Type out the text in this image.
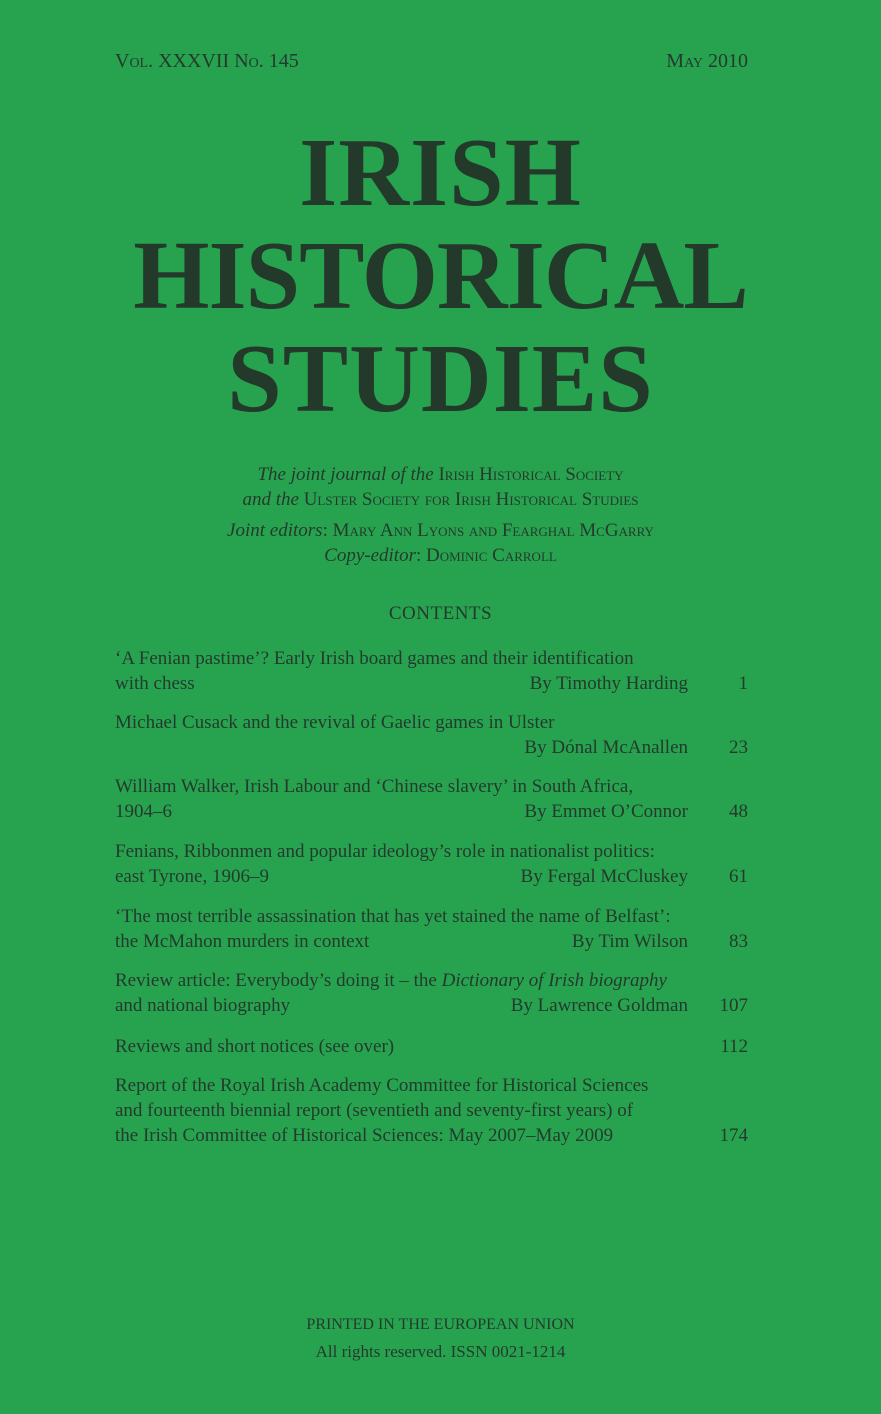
Vol. XXXVII No. 145	May 2010
IRISH
HISTORICAL
STUDIES
The joint journal of the Irish Historical Society
and the Ulster Society for Irish Historical Studies
Joint editors: Mary Ann Lyons and Fearghal McGarry
Copy-editor: Dominic Carroll
CONTENTS
‘A Fenian pastime’? Early Irish board games and their identification
with chess	By Timothy Harding	1
Michael Cusack and the revival of Gaelic games in Ulster
By Dónal McAnallen 23
William Walker, Irish Labour and ‘Chinese slavery’ in South Africa,
1904–6	By Emmet O’Connor 48
Fenians, Ribbonmen and popular ideology’s role in nationalist politics:
east Tyrone, 1906–9	By Fergal McCluskey 61
‘The most terrible assassination that has yet stained the name of Belfast’:
the McMahon murders in context	By Tim Wilson 83
Review article: Everybody’s doing it – the Dictionary of Irish biography
and national biography	By Lawrence Goldman 107
Reviews and short notices (see over)	112
Report of the Royal Irish Academy Committee for Historical Sciences
and fourteenth biennial report (seventieth and seventy-first years) of
the Irish Committee of Historical Sciences: May 2007–May 2009	174
PRINTED IN THE EUROPEAN UNION
All rights reserved. ISSN 0021-1214
